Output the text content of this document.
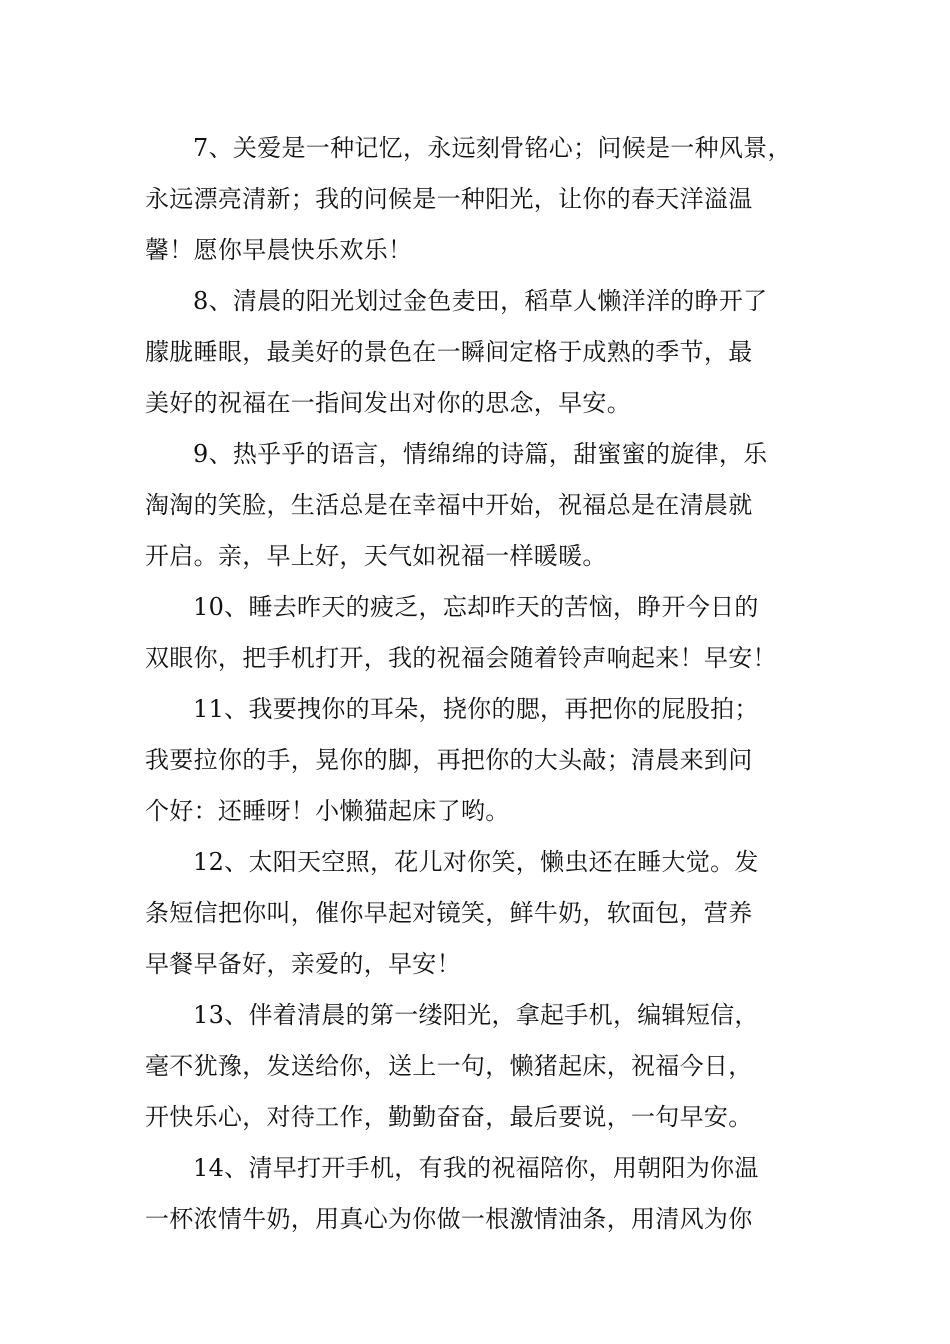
7、关爱是一种记忆，永远刻骨铭心；问候是一种风景，
永远漂亮清新；我的问候是一种阳光，让你的春天洋溢温
馨！愿你早晨快乐欢乐！
8、清晨的阳光划过金色麦田，稻草人懒洋洋的睁开了
朦胧睡眼，最美好的景色在一瞬间定格于成熟的季节，最
美好的祝福在一指间发出对你的思念，早安。
9、热乎乎的语言，情绵绵的诗篇，甜蜜蜜的旋律，乐
淘淘的笑脸，生活总是在幸福中开始，祝福总是在清晨就
开启。亲，早上好，天气如祝福一样暖暖。
10、睡去昨天的疲乏，忘却昨天的苦恼，睁开今日的
双眼你，把手机打开，我的祝福会随着铃声响起来！早安！
11、我要拽你的耳朵，挠你的腮，再把你的屁股拍；
我要拉你的手，晃你的脚，再把你的大头敲；清晨来到问
个好：还睡呀！小懒猫起床了哟。
12、太阳天空照，花儿对你笑，懒虫还在睡大觉。发
条短信把你叫，催你早起对镜笑，鲜牛奶，软面包，营养
早餐早备好，亲爱的，早安！
13、伴着清晨的第一缕阳光，拿起手机，编辑短信，
毫不犹豫，发送给你，送上一句，懒猪起床，祝福今日，
开快乐心，对待工作，勤勤奋奋，最后要说，一句早安。
14、清早打开手机，有我的祝福陪你，用朝阳为你温
一杯浓情牛奶，用真心为你做一根激情油条，用清风为你
